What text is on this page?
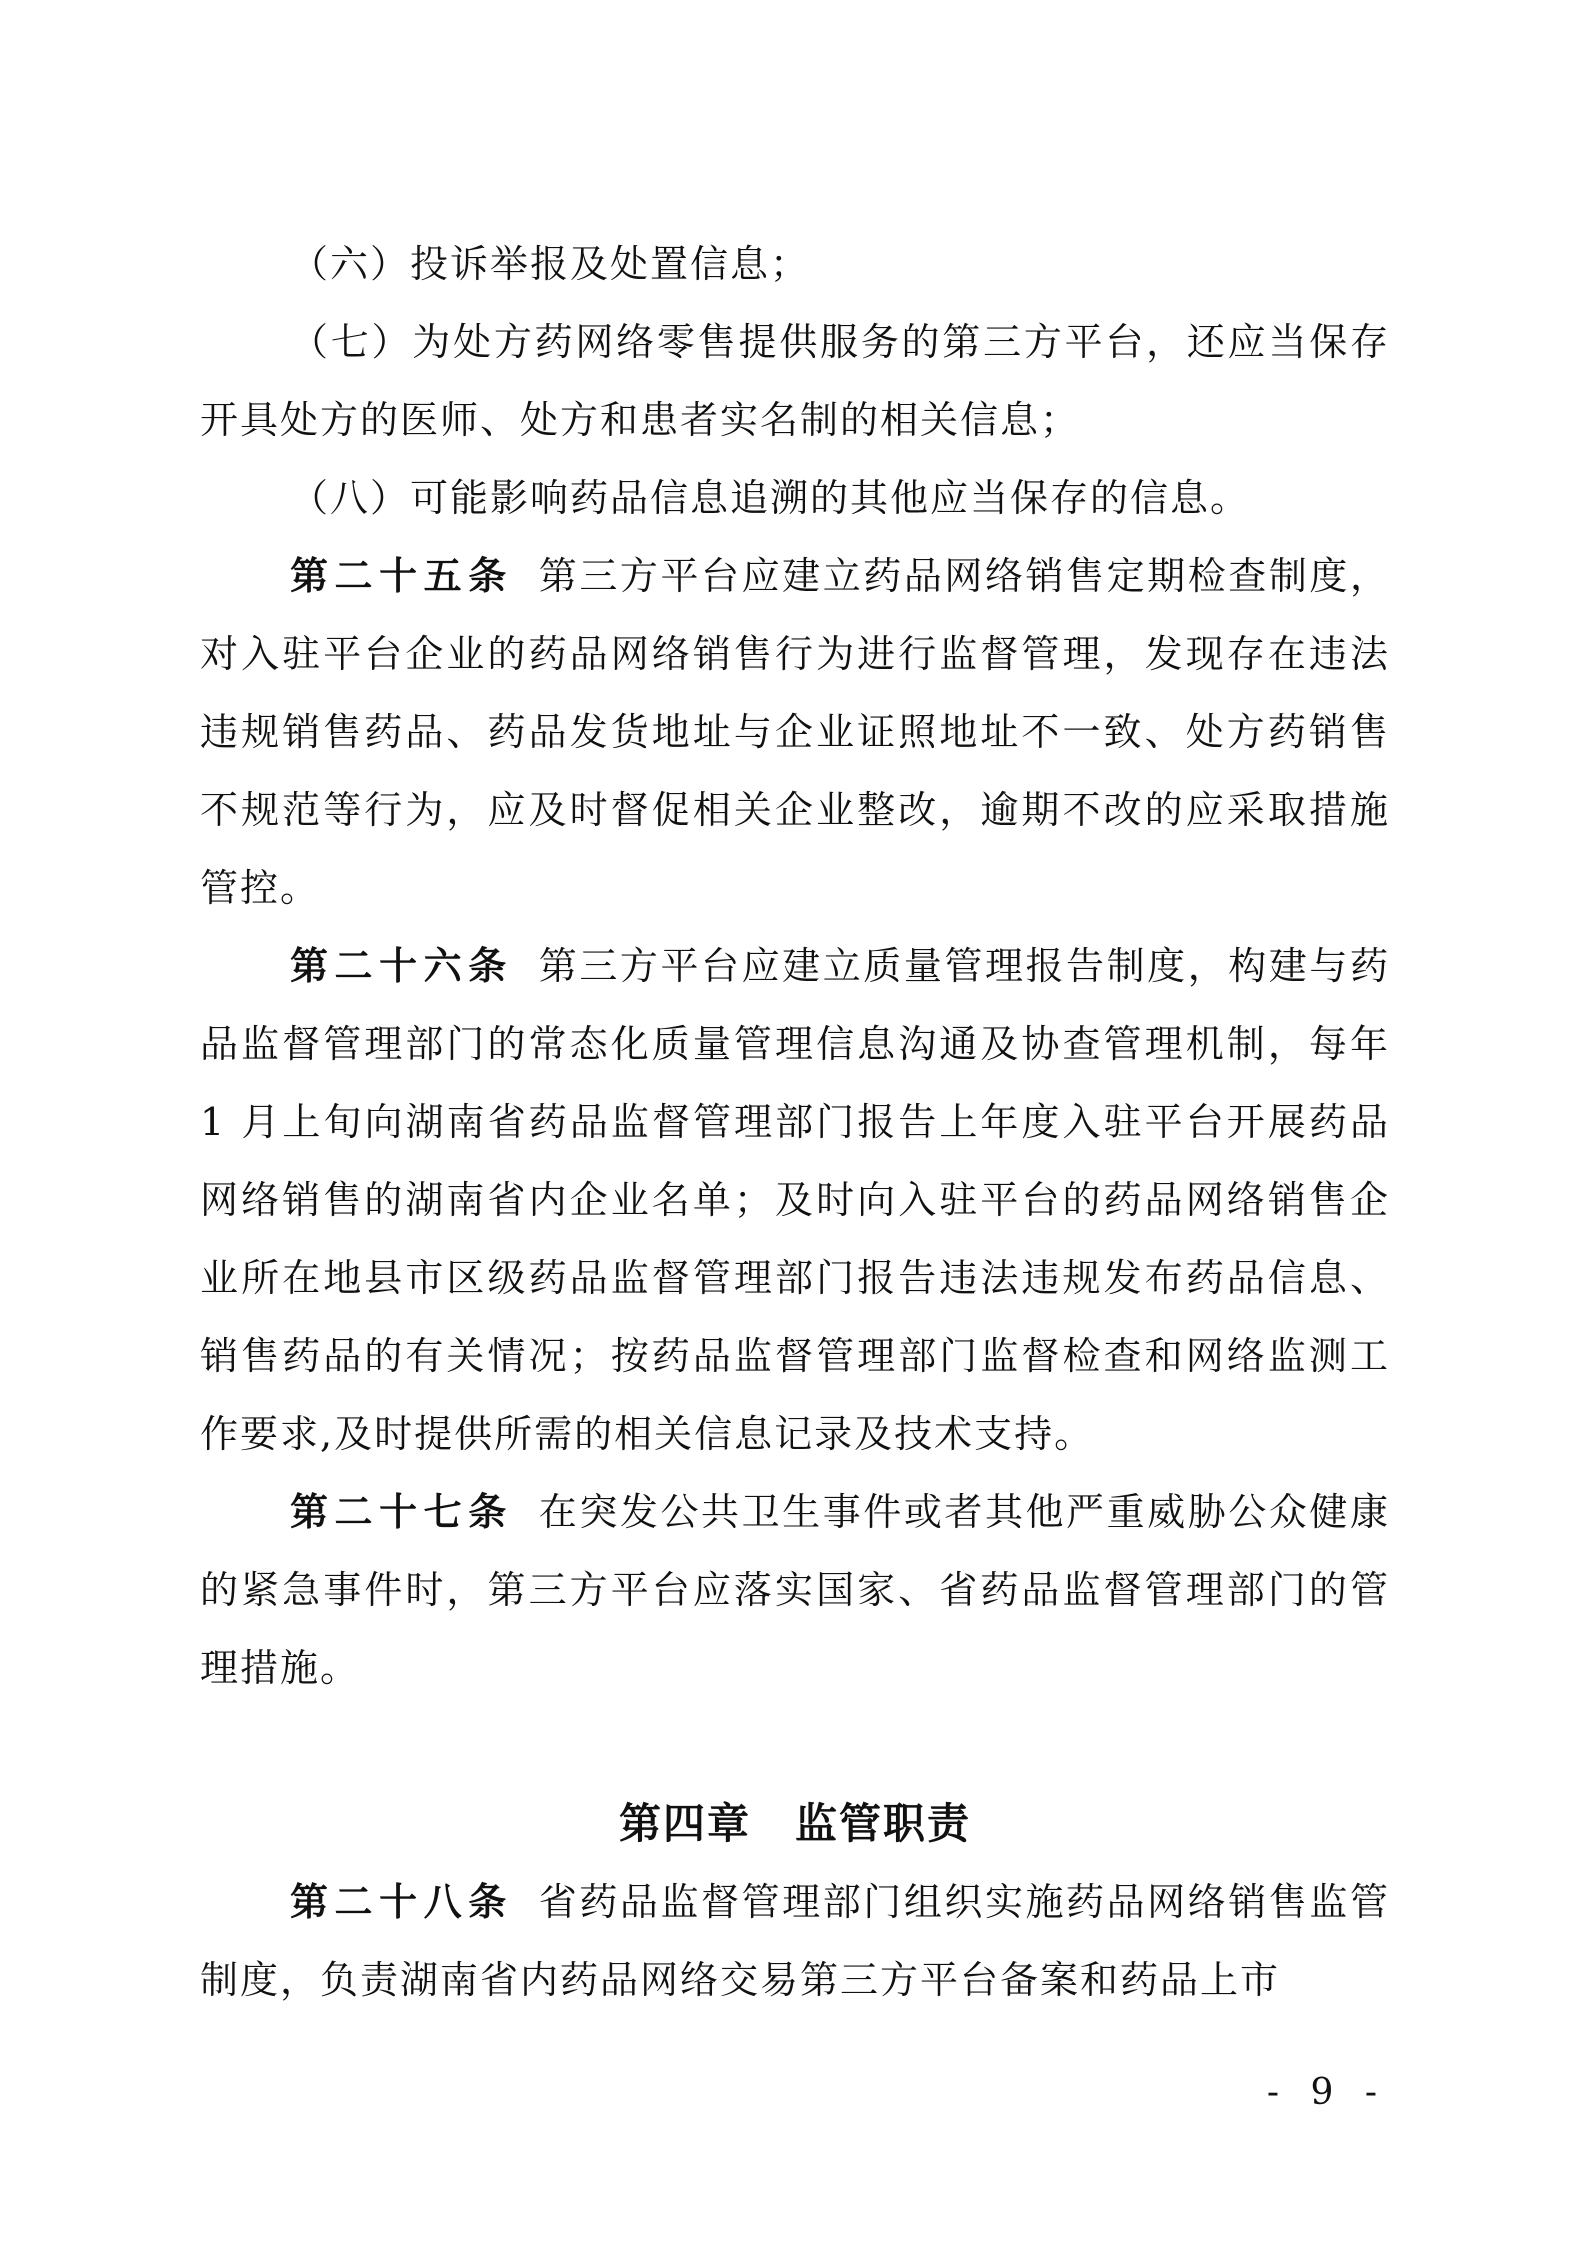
（六）投诉举报及处置信息；

（七）为处方药网络零售提供服务的第三方平台，还应当保存开具处方的医师、处方和患者实名制的相关信息；

（八）可能影响药品信息追溯的其他应当保存的信息。

第二十五条 第三方平台应建立药品网络销售定期检查制度，对入驻平台企业的药品网络销售行为进行监督管理，发现存在违法违规销售药品、药品发货地址与企业证照地址不一致、处方药销售不规范等行为，应及时督促相关企业整改，逾期不改的应采取措施管控。

第二十六条 第三方平台应建立质量管理报告制度，构建与药品监督管理部门的常态化质量管理信息沟通及协查管理机制，每年 1 月上旬向湖南省药品监督管理部门报告上年度入驻平台开展药品网络销售的湖南省内企业名单；及时向入驻平台的药品网络销售企业所在地县市区级药品监督管理部门报告违法违规发布药品信息、销售药品的有关情况；按药品监督管理部门监督检查和网络监测工作要求,及时提供所需的相关信息记录及技术支持。

第二十七条 在突发公共卫生事件或者其他严重威胁公众健康的紧急事件时，第三方平台应落实国家、省药品监督管理部门的管理措施。

第四章 监管职责

第二十八条 省药品监督管理部门组织实施药品网络销售监管制度，负责湖南省内药品网络交易第三方平台备案和药品上市

- 9 -
